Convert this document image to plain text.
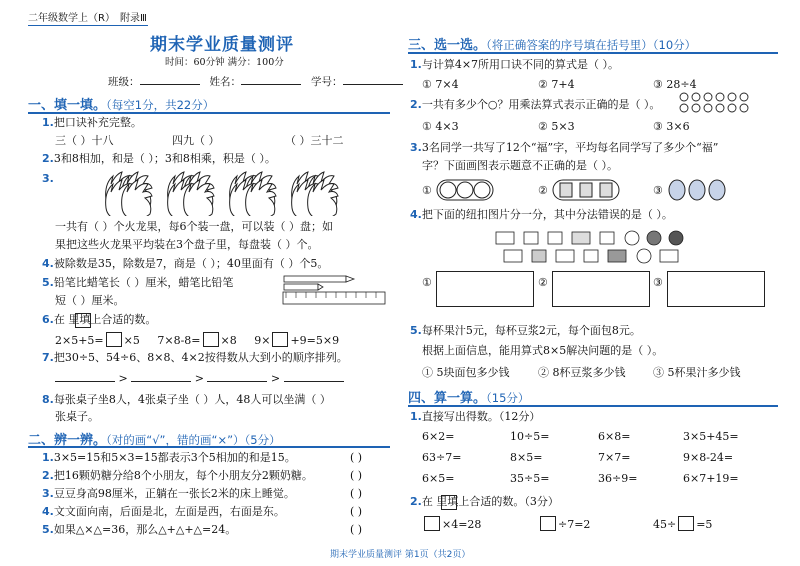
二年级数学上（R） 附录Ⅲ
期末学业质量测评
时间：60分钟 满分：100分
班级：	姓名：	学号：
一、填一填。（每空1分，共22分）
1.把口诀补充完整。
三（ ）十八	四九（ ）	（ ）三十二
2.3和8相加，和是（ ）；3和8相乘，积是（ ）。
3.
一共有（ ）个火龙果，每6个装一盘，可以装（ ）盘；如
果把这些火龙果平均装在3个盘子里，每盘装（ ）个。
4.被除数是35，除数是7，商是（ ）；40里面有（ ）个5。
5.铅笔比蜡笔长（ ）厘米，蜡笔比铅笔
短（ ）厘米。
6.在 里填上合适的数。
2×5+5= ×5 7×8-8= ×8 9× +9=5×9
7.把30÷5、54÷6、8×8、4×2按得数从大到小的顺序排列。
>	>	>
8.每张桌子坐8人，4张桌子坐（ ）人，48人可以坐满（ ）
张桌子。
二、辨一辨。（对的画“√”，错的画“×”）（5分）
1.3×5=15和5×3=15都表示3个5相加的和是15。	( )
2.把16颗奶糖分给8个小朋友，每个小朋友分2颗奶糖。	( )
3.豆豆身高98厘米，正躺在一张长2米的床上睡觉。	( )
4.文文面向南，后面是北，左面是西，右面是东。	( )
5.如果△×△=36，那么△+△+△=24。	( )
三、选一选。（将正确答案的序号填在括号里）（10分）
1.与计算4×7所用口诀不同的算式是（ ）。
① 7×4	② 7+4	③ 28÷4
2.一共有多少个○？用乘法算式表示正确的是（ ）。
① 4×3	② 5×3	③ 3×6
3.3名同学一共写了12个“福”字，平均每名同学写了多少个“福”
字？下面画图表示题意不正确的是（ ）。
①	②	③
4.把下面的纽扣图片分一分，其中分法错误的是（ ）。
①	②	③
5.每杯果汁5元，每杯豆浆2元，每个面包8元。
根据上面信息，能用算式8×5解决问题的是（ ）。
① 5块面包多少钱	② 8杯豆浆多少钱	③ 5杯果汁多少钱
四、算一算。（15分）
1.直接写出得数。（12分）
6×2=	10÷5=	6×8=	3×5+45=
63÷7=	8×5=	7×7=	9×8-24=
6×5=	35÷5=	36÷9=	6×7+19=
2.在 里填上合适的数。（3分）
×4=28	÷7=2	45÷ =5
期末学业质量测评 第1页（共2页）
